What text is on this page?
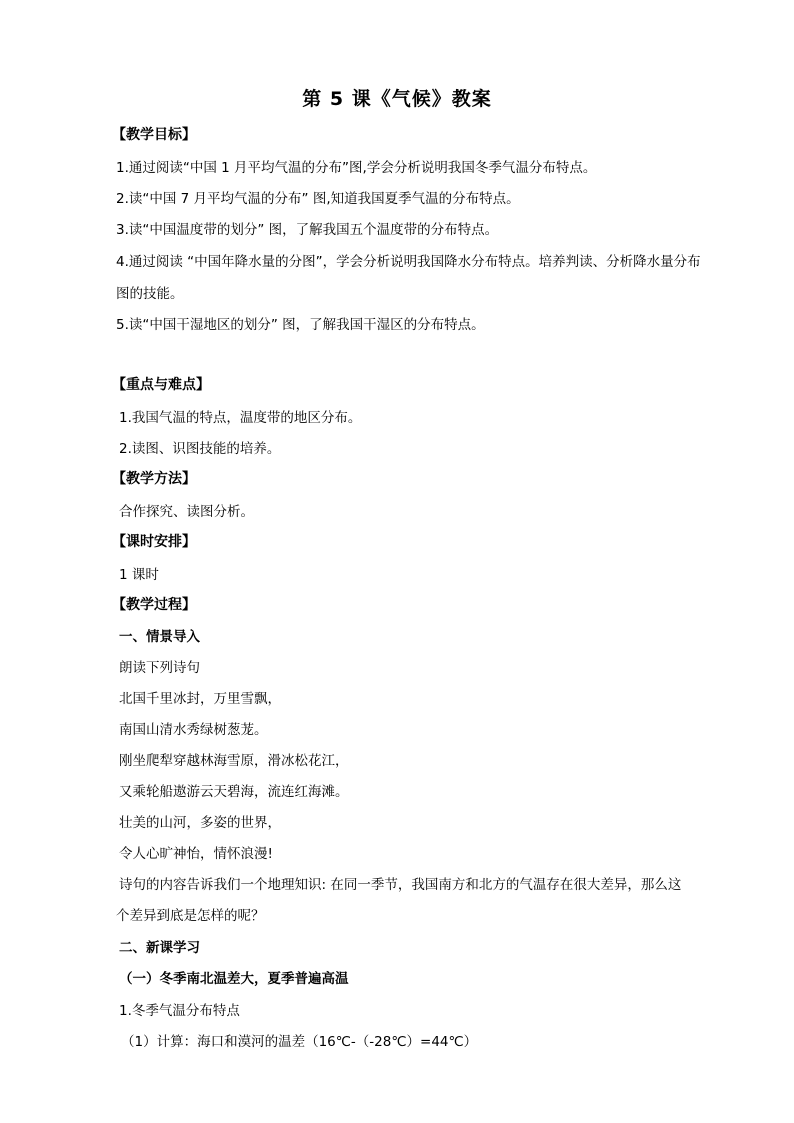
第 5 课《气候》教案
【教学目标】
1.通过阅读“中国 1 月平均气温的分布”图,学会分析说明我国冬季气温分布特点。
2.读“中国 7 月平均气温的分布” 图,知道我国夏季气温的分布特点。
3.读“中国温度带的划分” 图，了解我国五个温度带的分布特点。
4.通过阅读 “中国年降水量的分图”，学会分析说明我国降水分布特点。培养判读、分析降水量分布
图的技能。
5.读“中国干湿地区的划分” 图，了解我国干湿区的分布特点。
【重点与难点】
1.我国气温的特点，温度带的地区分布。
2.读图、识图技能的培养。
【教学方法】
合作探究、读图分析。
【课时安排】
1 课时
【教学过程】
一、情景导入
朗读下列诗句
北国千里冰封，万里雪飘，
南国山清水秀绿树葱茏。
刚坐爬犁穿越林海雪原，滑冰松花江，
又乘轮船遨游云天碧海，流连红海滩。
壮美的山河，多姿的世界，
令人心旷神怡，情怀浪漫!
诗句的内容告诉我们一个地理知识: 在同一季节，我国南方和北方的气温存在很大差异，那么这
个差异到底是怎样的呢？
二、新课学习
（一）冬季南北温差大，夏季普遍高温
1.冬季气温分布特点
（1）计算：海口和漠河的温差（16℃-（-28℃）=44℃）
